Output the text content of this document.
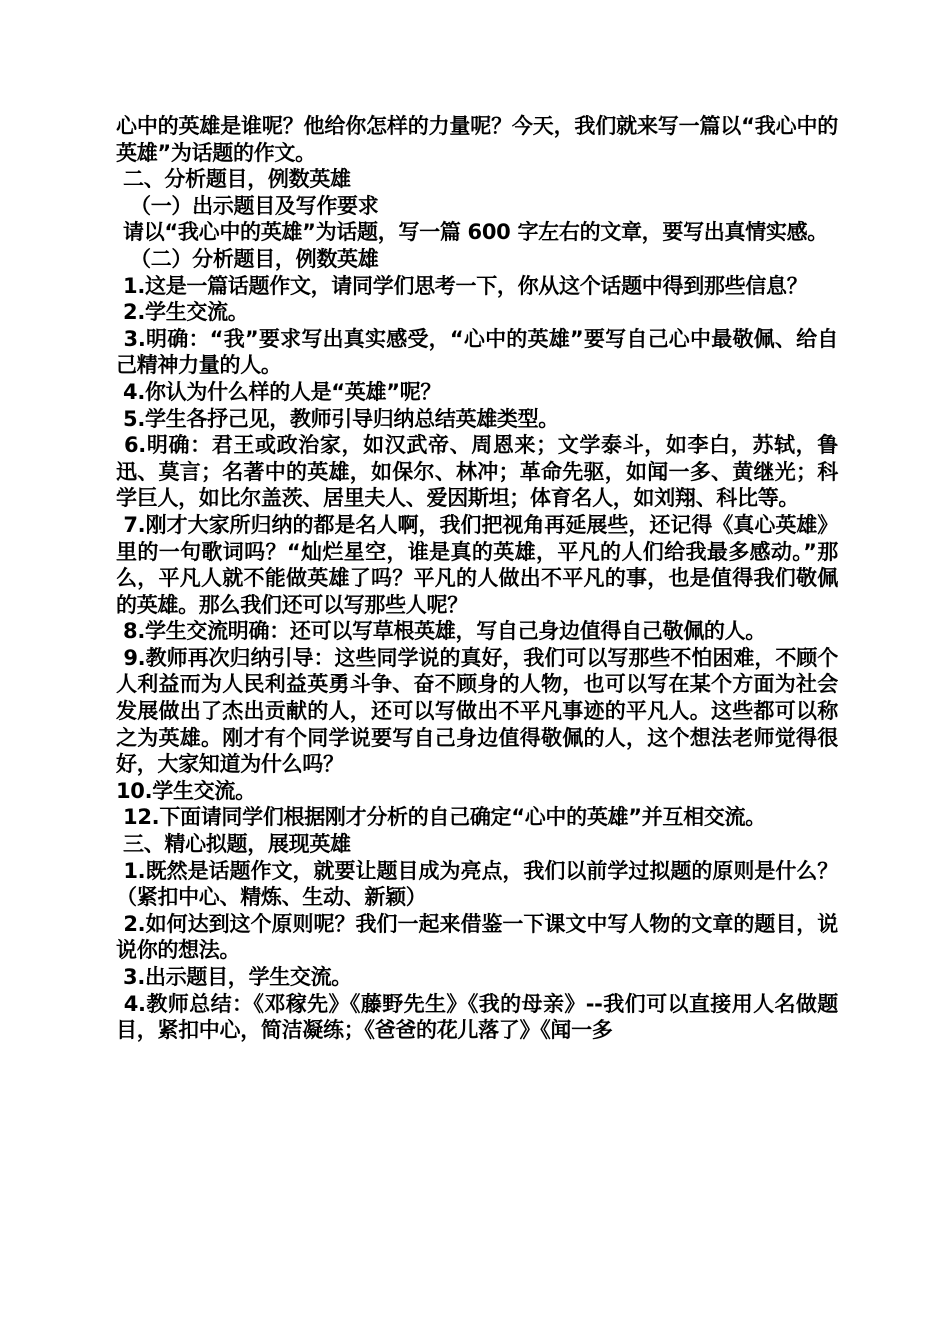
心中的英雄是谁呢？他给你怎样的力量呢？今天，我们就来写一篇以“我心中的英雄”为话题的作文。

二、分析题目，例数英雄

（一）出示题目及写作要求

请以“我心中的英雄”为话题，写一篇 600 字左右的文章，要写出真情实感。

（二）分析题目，例数英雄

1.这是一篇话题作文，请同学们思考一下，你从这个话题中得到那些信息？

2.学生交流。

3.明确：“我”要求写出真实感受，“心中的英雄”要写自己心中最敬佩、给自己精神力量的人。

4.你认为什么样的人是“英雄”呢？

5.学生各抒己见，教师引导归纳总结英雄类型。

6.明确：君王或政治家，如汉武帝、周恩来；文学泰斗，如李白，苏轼，鲁迅、莫言；名著中的英雄，如保尔、林冲；革命先驱，如闻一多、黄继光；科学巨人，如比尔盖茨、居里夫人、爱因斯坦；体育名人，如刘翔、科比等。

7.刚才大家所归纳的都是名人啊，我们把视角再延展些，还记得《真心英雄》里的一句歌词吗？“灿烂星空，谁是真的英雄，平凡的人们给我最多感动。”那么，平凡人就不能做英雄了吗？平凡的人做出不平凡的事，也是值得我们敬佩的英雄。那么我们还可以写那些人呢？

8.学生交流明确：还可以写草根英雄，写自己身边值得自己敬佩的人。

9.教师再次归纳引导：这些同学说的真好，我们可以写那些不怕困难，不顾个人利益而为人民利益英勇斗争、奋不顾身的人物，也可以写在某个方面为社会发展做出了杰出贡献的人，还可以写做出不平凡事迹的平凡人。这些都可以称之为英雄。刚才有个同学说要写自己身边值得敬佩的人，这个想法老师觉得很好，大家知道为什么吗？

10.学生交流。

12.下面请同学们根据刚才分析的自己确定“心中的英雄”并互相交流。

三、精心拟题，展现英雄

1.既然是话题作文，就要让题目成为亮点，我们以前学过拟题的原则是什么？（紧扣中心、精炼、生动、新颖）

2.如何达到这个原则呢？我们一起来借鉴一下课文中写人物的文章的题目，说说你的想法。

3.出示题目，学生交流。

4.教师总结：《邓稼先》《藤野先生》《我的母亲》--我们可以直接用人名做题目，紧扣中心，简洁凝练；《爸爸的花儿落了》《闻一多
